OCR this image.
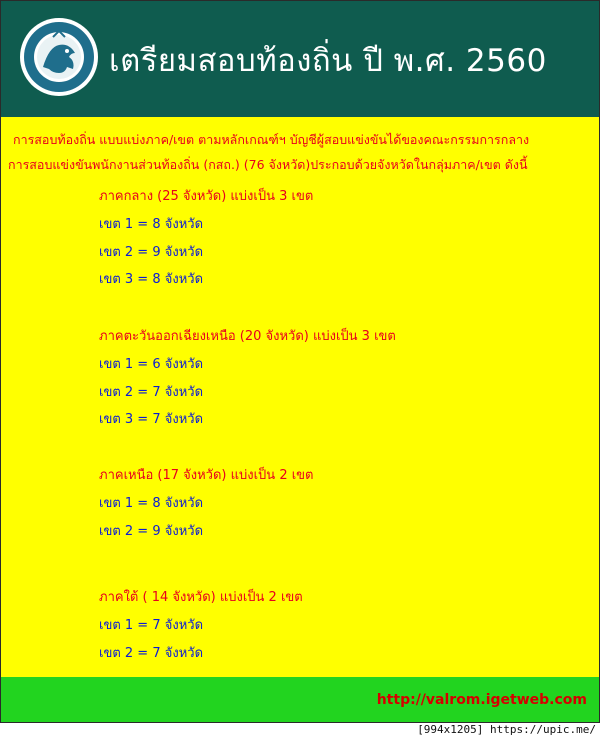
เตรียมสอบท้องถิ่น ปี พ.ศ. 2560
การสอบท้องถิ่น แบบแบ่งภาค/เขต ตามหลักเกณฑ์ฯ บัญชีผู้สอบแข่งขันได้ของคณะกรรมการกลาง
การสอบแข่งขันพนักงานส่วนท้องถิ่น (กสถ.) (76 จังหวัด)ประกอบด้วยจังหวัดในกลุ่มภาค/เขต ดังนี้
ภาคกลาง (25 จังหวัด) แบ่งเป็น 3 เขต
เขต 1 = 8 จังหวัด
เขต 2 = 9 จังหวัด
เขต 3 = 8 จังหวัด
ภาคตะวันออกเฉียงเหนือ (20 จังหวัด) แบ่งเป็น 3 เขต
เขต 1 = 6 จังหวัด
เขต 2 = 7 จังหวัด
เขต 3 = 7 จังหวัด
ภาคเหนือ (17 จังหวัด) แบ่งเป็น 2 เขต
เขต 1 = 8 จังหวัด
เขต 2 = 9 จังหวัด
ภาคใต้ ( 14 จังหวัด) แบ่งเป็น 2 เขต
เขต 1 = 7 จังหวัด
เขต 2 = 7 จังหวัด
http://valrom.igetweb.com
[994x1205] https://upic.me/
